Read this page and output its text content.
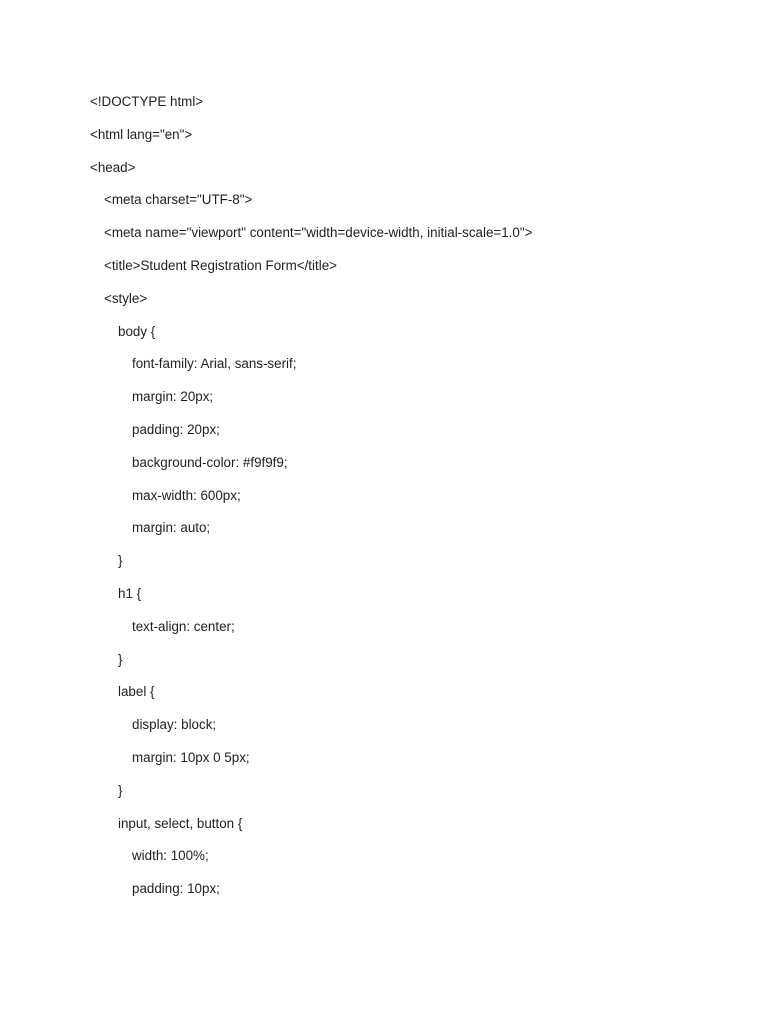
<!DOCTYPE html>
<html lang="en">
<head>
<meta charset="UTF-8">
<meta name="viewport" content="width=device-width, initial-scale=1.0">
<title>Student Registration Form</title>
<style>
body {
font-family: Arial, sans-serif;
margin: 20px;
padding: 20px;
background-color: #f9f9f9;
max-width: 600px;
margin: auto;
}
h1 {
text-align: center;
}
label {
display: block;
margin: 10px 0 5px;
}
input, select, button {
width: 100%;
padding: 10px;
